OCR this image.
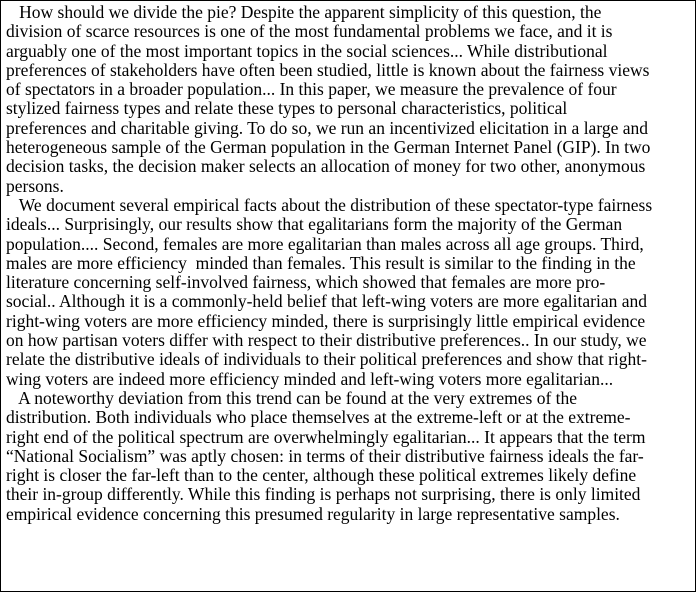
How should we divide the pie? Despite the apparent simplicity of this question, the
division of scarce resources is one of the most fundamental problems we face, and it is
arguably one of the most important topics in the social sciences... While distributional
preferences of stakeholders have often been studied, little is known about the fairness views
of spectators in a broader population... In this paper, we measure the prevalence of four
stylized fairness types and relate these types to personal characteristics, political
preferences and charitable giving. To do so, we run an incentivized elicitation in a large and
heterogeneous sample of the German population in the German Internet Panel (GIP). In two
decision tasks, the decision maker selects an allocation of money for two other, anonymous
persons.
We document several empirical facts about the distribution of these spectator-type fairness
ideals... Surprisingly, our results show that egalitarians form the majority of the German
population.... Second, females are more egalitarian than males across all age groups. Third,
males are more efficiency  minded than females. This result is similar to the finding in the
literature concerning self-involved fairness, which showed that females are more pro-
social.. Although it is a commonly-held belief that left-wing voters are more egalitarian and
right-wing voters are more efficiency minded, there is surprisingly little empirical evidence
on how partisan voters differ with respect to their distributive preferences.. In our study, we
relate the distributive ideals of individuals to their political preferences and show that right-
wing voters are indeed more efficiency minded and left-wing voters more egalitarian...
A noteworthy deviation from this trend can be found at the very extremes of the
distribution. Both individuals who place themselves at the extreme-left or at the extreme-
right end of the political spectrum are overwhelmingly egalitarian... It appears that the term
“National Socialism” was aptly chosen: in terms of their distributive fairness ideals the far-
right is closer the far-left than to the center, although these political extremes likely define
their in-group differently. While this finding is perhaps not surprising, there is only limited
empirical evidence concerning this presumed regularity in large representative samples.
